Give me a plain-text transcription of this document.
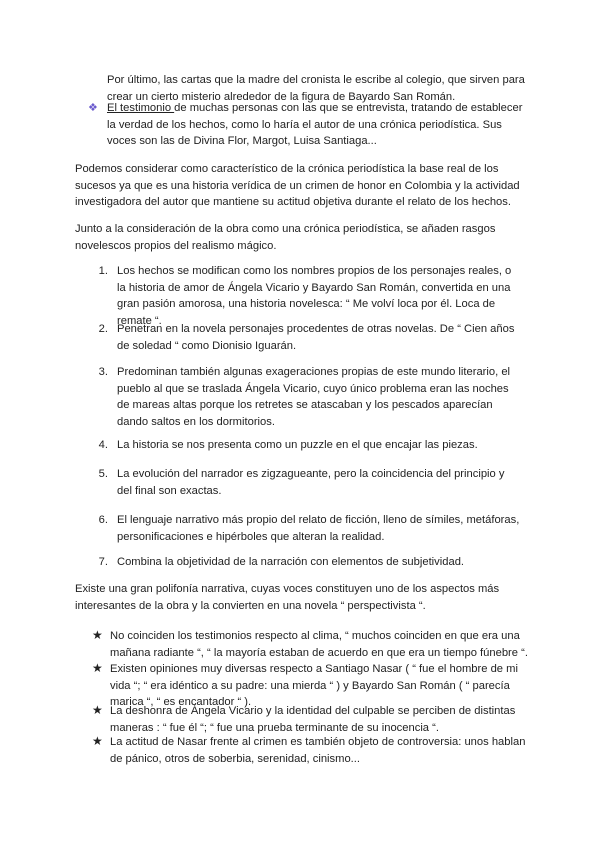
Por último, las cartas que la madre del cronista le escribe al colegio, que sirven para crear un cierto misterio alrededor de la figura de Bayardo San Román.

❖ El testimonio de muchas personas con las que se entrevista, tratando de establecer la verdad de los hechos, como lo haría el autor de una crónica periodística. Sus voces son las de Divina Flor, Margot, Luisa Santiaga...

Podemos considerar como característico de la crónica periodística la base real de los sucesos ya que es una historia verídica de un crimen de honor en Colombia y la actividad investigadora del autor que mantiene su actitud objetiva durante el relato de los hechos.

Junto a la consideración de la obra como una crónica periodística, se añaden rasgos novelescos propios del realismo mágico.

1. Los hechos se modifican como los nombres propios de los personajes reales, o la historia de amor de Ángela Vicario y Bayardo San Román, convertida en una gran pasión amorosa, una historia novelesca: “ Me volví loca por él. Loca de remate “.
2. Penetran en la novela personajes procedentes de otras novelas. De “ Cien años de soledad “ como Dionisio Iguarán.
3. Predominan también algunas exageraciones propias de este mundo literario, el pueblo al que se traslada Ángela Vicario, cuyo único problema eran las noches de mareas altas porque los retretes se atascaban y los pescados aparecían dando saltos en los dormitorios.
4. La historia se nos presenta como un puzzle en el que encajar las piezas.
5. La evolución del narrador es zigzagueante, pero la coincidencia del principio y del final son exactas.
6. El lenguaje narrativo más propio del relato de ficción, lleno de símiles, metáforas, personificaciones e hipérboles que alteran la realidad.
7. Combina la objetividad de la narración con elementos de subjetividad.

Existe una gran polifonía narrativa, cuyas voces constituyen uno de los aspectos más interesantes de la obra y la convierten en una novela “ perspectivista “.

★ No coinciden los testimonios respecto al clima, “ muchos coinciden en que era una mañana radiante “, “ la mayoría estaban de acuerdo en que era un tiempo fúnebre “.
★ Existen opiniones muy diversas respecto a Santiago Nasar ( “ fue el hombre de mi vida “; “ era idéntico a su padre: una mierda “ ) y Bayardo San Román ( “ parecía marica “, “ es encantador “ ).
★ La deshonra de Ángela Vicario y la identidad del culpable se perciben de distintas maneras : “ fue él “; “ fue una prueba terminante de su inocencia “.
★ La actitud de Nasar frente al crimen es también objeto de controversia: unos hablan de pánico, otros de soberbia, serenidad, cinismo...
